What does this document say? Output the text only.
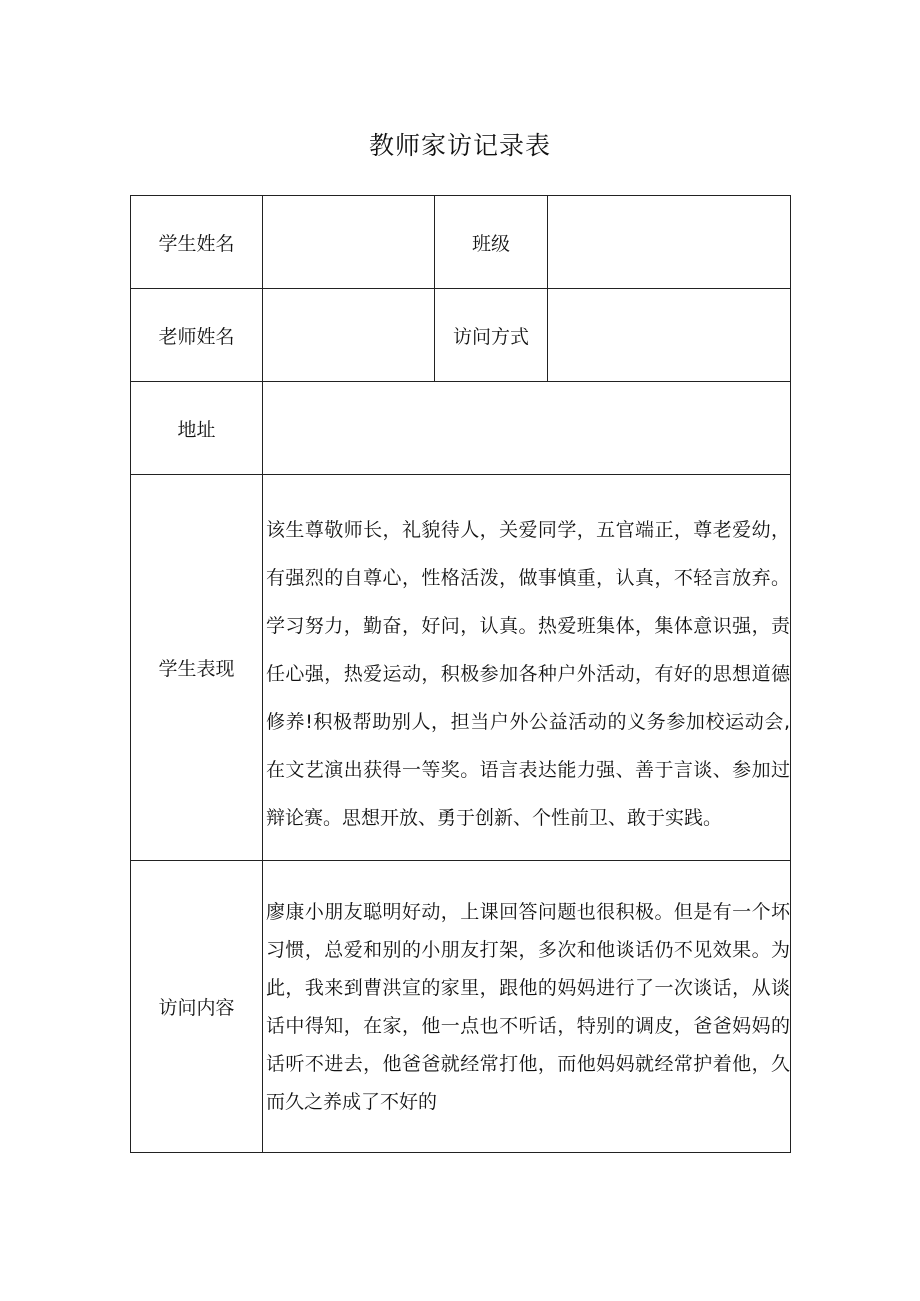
教师家访记录表
学生姓名		班级	
老师姓名		访问方式	
地址			
学生表现	该生尊敬师长，礼貌待人，关爱同学，五官端正，尊老爱幼，有强烈的自尊心，性格活泼，做事慎重，认真，不轻言放弃。学习努力，勤奋，好问，认真。热爱班集体，集体意识强，责任心强，热爱运动，积极参加各种户外活动，有好的思想道德修养!积极帮助别人，担当户外公益活动的义务参加校运动会,在文艺演出获得一等奖。语言表达能力强、善于言谈、参加过辩论赛。思想开放、勇于创新、个性前卫、敢于实践。		

访问内容	廖康小朋友聪明好动，上课回答问题也很积极。但是有一个坏习惯，总爱和别的小朋友打架，多次和他谈话仍不见效果。为此，我来到曹洪宣的家里，跟他的妈妈进行了一次谈话，从谈话中得知，在家，他一点也不听话，特别的调皮，爸爸妈妈的话听不进去，他爸爸就经常打他，而他妈妈就经常护着他，久而久之养成了不好的		
